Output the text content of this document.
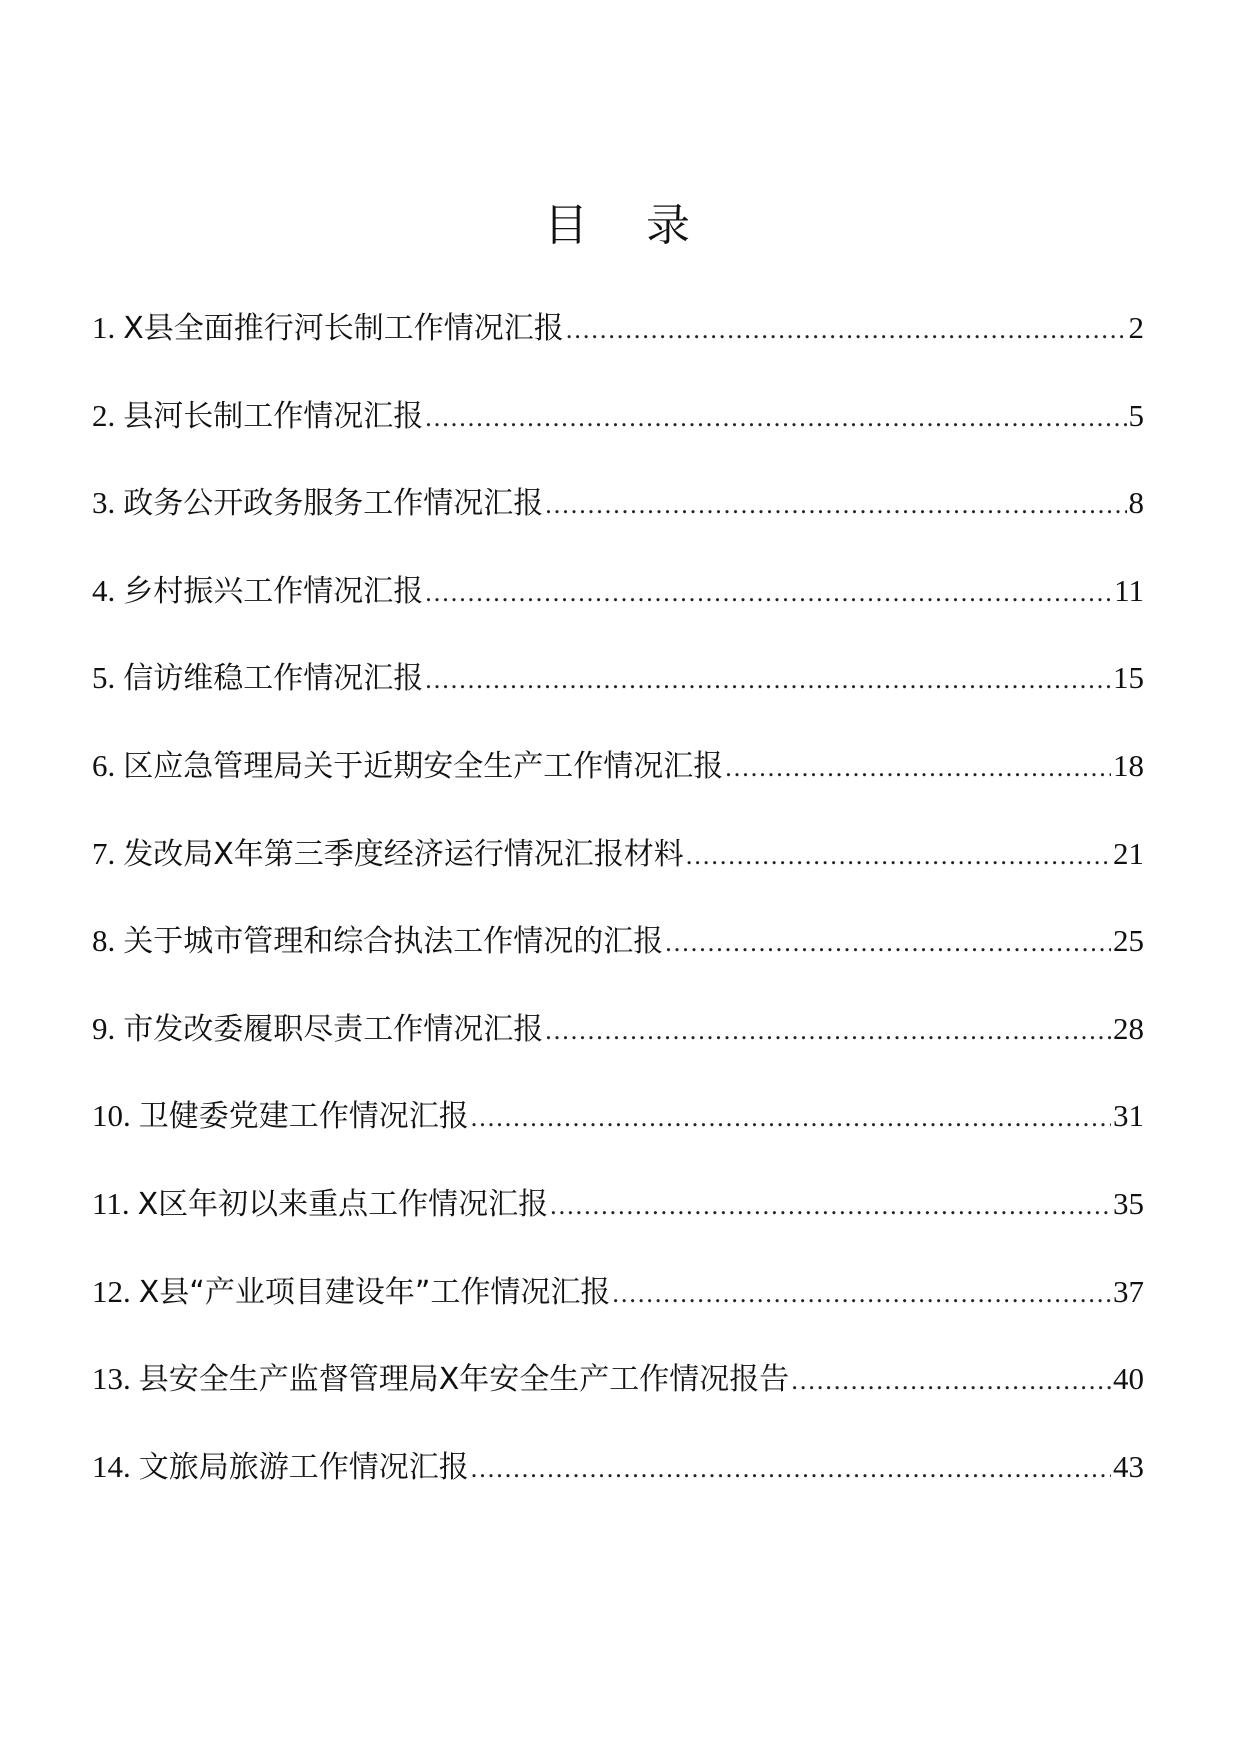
目 录
1. X县全面推行河长制工作情况汇报 .....	2
2. 县河长制工作情况汇报 .....	5
3. 政务公开政务服务工作情况汇报 .....	8
4. 乡村振兴工作情况汇报 .....	11
5. 信访维稳工作情况汇报 .....	15
6. 区应急管理局关于近期安全生产工作情况汇报 .....	18
7. 发改局X年第三季度经济运行情况汇报材料 .....	21
8. 关于城市管理和综合执法工作情况的汇报 .....	25
9. 市发改委履职尽责工作情况汇报 .....	28
10. 卫健委党建工作情况汇报 .....	31
11. X区年初以来重点工作情况汇报 .....	35
12. X县“产业项目建设年”工作情况汇报 .....	37
13. 县安全生产监督管理局X年安全生产工作情况报告 .....	40
14. 文旅局旅游工作情况汇报 .....	43
